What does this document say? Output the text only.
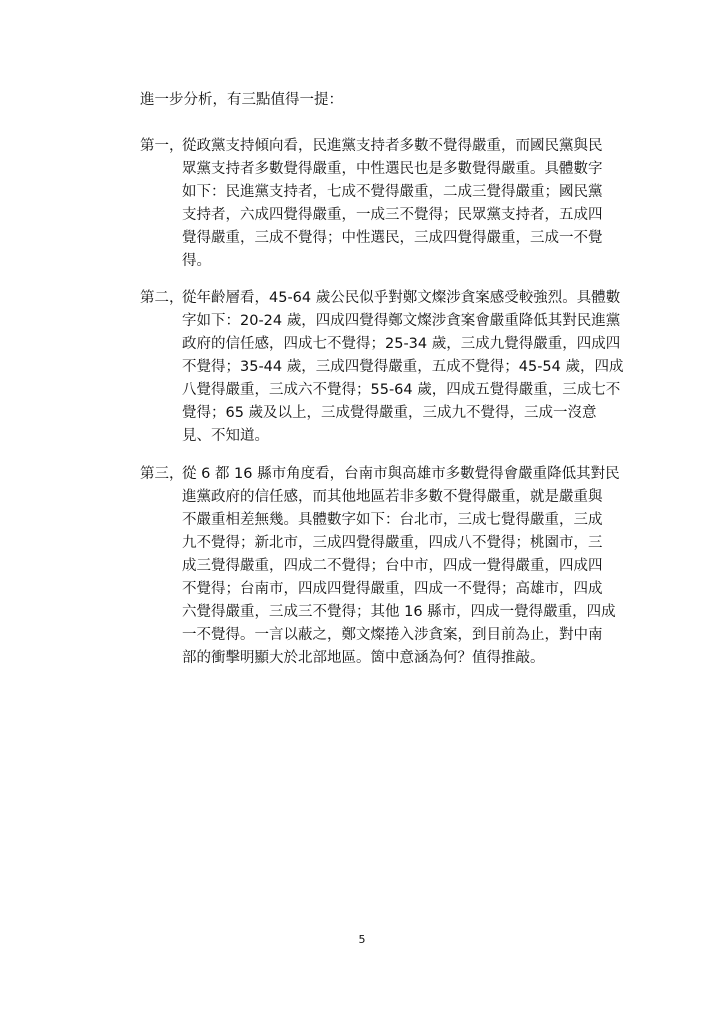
進一步分析，有三點值得一提：
第一，
從政黨支持傾向看，民進黨支持者多數不覺得嚴重，而國民黨與民
眾黨支持者多數覺得嚴重，中性選民也是多數覺得嚴重。具體數字
如下：民進黨支持者，七成不覺得嚴重，二成三覺得嚴重；國民黨
支持者，六成四覺得嚴重，一成三不覺得；民眾黨支持者，五成四
覺得嚴重，三成不覺得；中性選民，三成四覺得嚴重，三成一不覺
得。
第二，
從年齡層看，45-64 歲公民似乎對鄭文燦涉貪案感受較強烈。具體數
字如下：20-24 歲，四成四覺得鄭文燦涉貪案會嚴重降低其對民進黨
政府的信任感，四成七不覺得；25-34 歲，三成九覺得嚴重，四成四
不覺得；35-44 歲，三成四覺得嚴重，五成不覺得；45-54 歲，四成
八覺得嚴重，三成六不覺得；55-64 歲，四成五覺得嚴重，三成七不
覺得；65 歲及以上，三成覺得嚴重，三成九不覺得，三成一沒意
見、不知道。
第三，
從 6 都 16 縣市角度看，台南市與高雄市多數覺得會嚴重降低其對民
進黨政府的信任感，而其他地區若非多數不覺得嚴重，就是嚴重與
不嚴重相差無幾。具體數字如下：台北市，三成七覺得嚴重，三成
九不覺得；新北市，三成四覺得嚴重，四成八不覺得；桃園市，三
成三覺得嚴重，四成二不覺得；台中市，四成一覺得嚴重，四成四
不覺得；台南市，四成四覺得嚴重，四成一不覺得；高雄市，四成
六覺得嚴重，三成三不覺得；其他 16 縣市，四成一覺得嚴重，四成
一不覺得。一言以蔽之，鄭文燦捲入涉貪案，到目前為止，對中南
部的衝擊明顯大於北部地區。箇中意涵為何？值得推敲。
5
